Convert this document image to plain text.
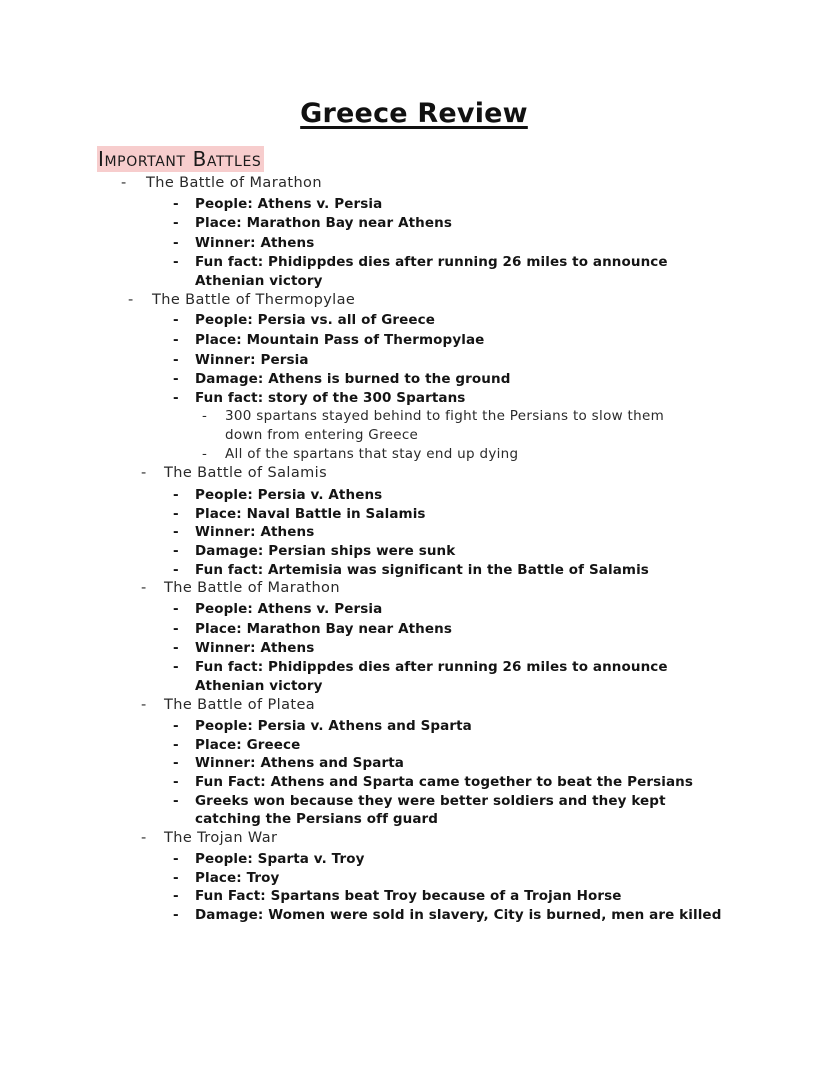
Greece Review
Important Battles
- The Battle of Marathon
- People: Athens v. Persia
- Place: Marathon Bay near Athens
- Winner: Athens
- Fun fact: Phidippdes dies after running 26 miles to announce
Athenian victory
- The Battle of Thermopylae
- People: Persia vs. all of Greece
- Place: Mountain Pass of Thermopylae
- Winner: Persia
- Damage: Athens is burned to the ground
- Fun fact: story of the 300 Spartans
- 300 spartans stayed behind to fight the Persians to slow them
down from entering Greece
- All of the spartans that stay end up dying
- The Battle of Salamis
- People: Persia v. Athens
- Place: Naval Battle in Salamis
- Winner: Athens
- Damage: Persian ships were sunk
- Fun fact: Artemisia was significant in the Battle of Salamis
- The Battle of Marathon
- People: Athens v. Persia
- Place: Marathon Bay near Athens
- Winner: Athens
- Fun fact: Phidippdes dies after running 26 miles to announce
Athenian victory
- The Battle of Platea
- People: Persia v. Athens and Sparta
- Place: Greece
- Winner: Athens and Sparta
- Fun Fact: Athens and Sparta came together to beat the Persians
- Greeks won because they were better soldiers and they kept
catching the Persians off guard
- The Trojan War
- People: Sparta v. Troy
- Place: Troy
- Fun Fact: Spartans beat Troy because of a Trojan Horse
- Damage: Women were sold in slavery, City is burned, men are killed
